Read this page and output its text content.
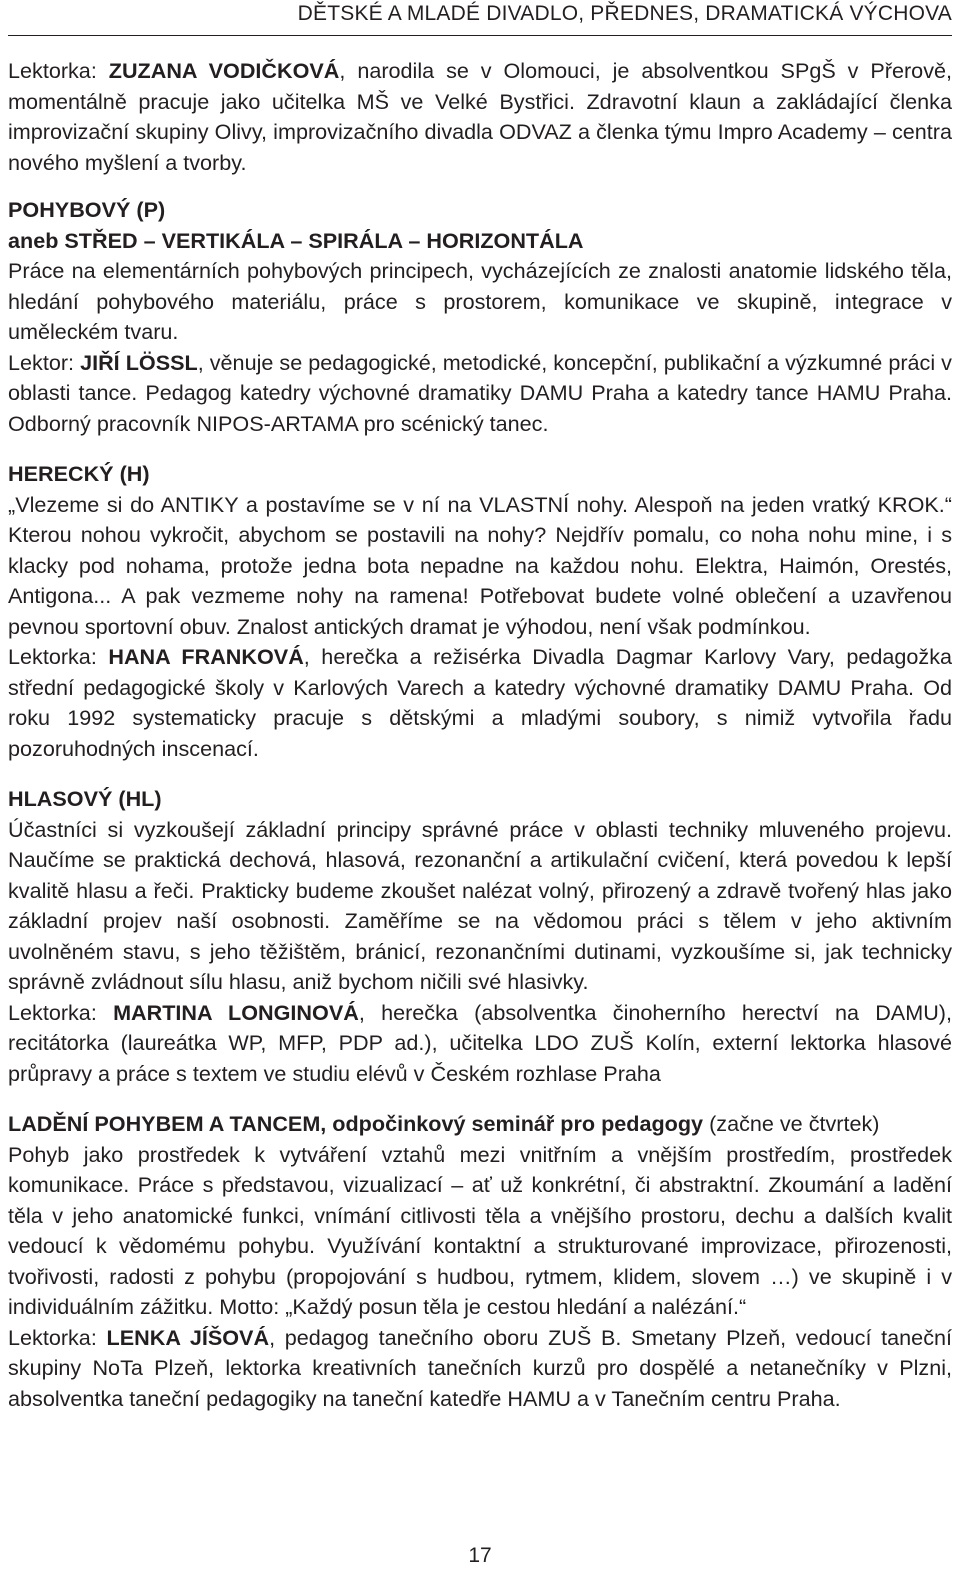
DĚTSKÉ A MLADÉ DIVADLO, PŘEDNES, DRAMATICKÁ VÝCHOVA

Lektorka: ZUZANA VODIČKOVÁ, narodila se v Olomouci, je absolventkou SPgŠ v Přerově, momentálně pracuje jako učitelka MŠ ve Velké Bystřici. Zdravotní klaun a zakládající členka improvizační skupiny Olivy, improvizačního divadla ODVAZ a členka týmu Impro Academy – centra nového myšlení a tvorby.

POHYBOVÝ (P)
aneb STŘED – VERTIKÁLA – SPIRÁLA – HORIZONTÁLA

Práce na elementárních pohybových principech, vycházejících ze znalosti anatomie lidského těla, hledání pohybového materiálu, práce s prostorem, komunikace ve skupině, integrace v uměleckém tvaru.

Lektor: JIŘÍ LÖSSL, věnuje se pedagogické, metodické, koncepční, publikační a výzkumné práci v oblasti tance. Pedagog katedry výchovné dramatiky DAMU Praha a katedry tance HAMU Praha. Odborný pracovník NIPOS-ARTAMA pro scénický tanec.

HERECKÝ (H)

„Vlezeme si do ANTIKY a postavíme se v ní na VLASTNÍ nohy. Alespoň na jeden vratký KROK.“ Kterou nohou vykročit, abychom se postavili na nohy? Nejdřív pomalu, co noha nohu mine, i s klacky pod nohama, protože jedna bota nepadne na každou nohu. Elektra, Haimón, Orestés, Antigona... A pak vezmeme nohy na ramena! Potřebovat budete volné oblečení a uzavřenou pevnou sportovní obuv. Znalost antických dramat je výhodou, není však podmínkou.

Lektorka: HANA FRANKOVÁ, herečka a režisérka Divadla Dagmar Karlovy Vary, pedagožka střední pedagogické školy v Karlových Varech a katedry výchovné dramatiky DAMU Praha. Od roku 1992 systematicky pracuje s dětskými a mladými soubory, s nimiž vytvořila řadu pozoruhodných inscenací.

HLASOVÝ (HL)

Účastníci si vyzkoušejí základní principy správné práce v oblasti techniky mluveného projevu. Naučíme se praktická dechová, hlasová, rezonanční a artikulační cvičení, která povedou k lepší kvalitě hlasu a řeči. Prakticky budeme zkoušet nalézat volný, přirozený a zdravě tvořený hlas jako základní projev naší osobnosti. Zaměříme se na vědomou práci s tělem v jeho aktivním uvolněném stavu, s jeho těžištěm, bránicí, rezonančními dutinami, vyzkoušíme si, jak technicky správně zvládnout sílu hlasu, aniž bychom ničili své hlasivky.

Lektorka: MARTINA LONGINOVÁ, herečka (absolventka činoherního herectví na DAMU), recitátorka (laureátka WP, MFP, PDP ad.), učitelka LDO ZUŠ Kolín, externí lektorka hlasové průpravy a práce s textem ve studiu elévů v Českém rozhlase Praha

LADĚNÍ POHYBEM A TANCEM, odpočinkový seminář pro pedagogy (začne ve čtvrtek)

Pohyb jako prostředek k vytváření vztahů mezi vnitřním a vnějším prostředím, prostředek komunikace. Práce s představou, vizualizací – ať už konkrétní, či abstraktní. Zkoumání a ladění těla v jeho anatomické funkci, vnímání citlivosti těla a vnějšího prostoru, dechu a dalších kvalit vedoucí k vědomému pohybu. Využívání kontaktní a strukturované improvizace, přirozenosti, tvořivosti, radosti z pohybu (propojování s hudbou, rytmem, klidem, slovem …) ve skupině i v individuálním zážitku. Motto: „Každý posun těla je cestou hledání a nalézání.“

Lektorka: LENKA JÍŠOVÁ, pedagog tanečního oboru ZUŠ B. Smetany Plzeň, vedoucí taneční skupiny NoTa Plzeň, lektorka kreativních tanečních kurzů pro dospělé a netanečníky v Plzni, absolventka taneční pedagogiky na taneční katedře HAMU a v Tanečním centru Praha.

17
